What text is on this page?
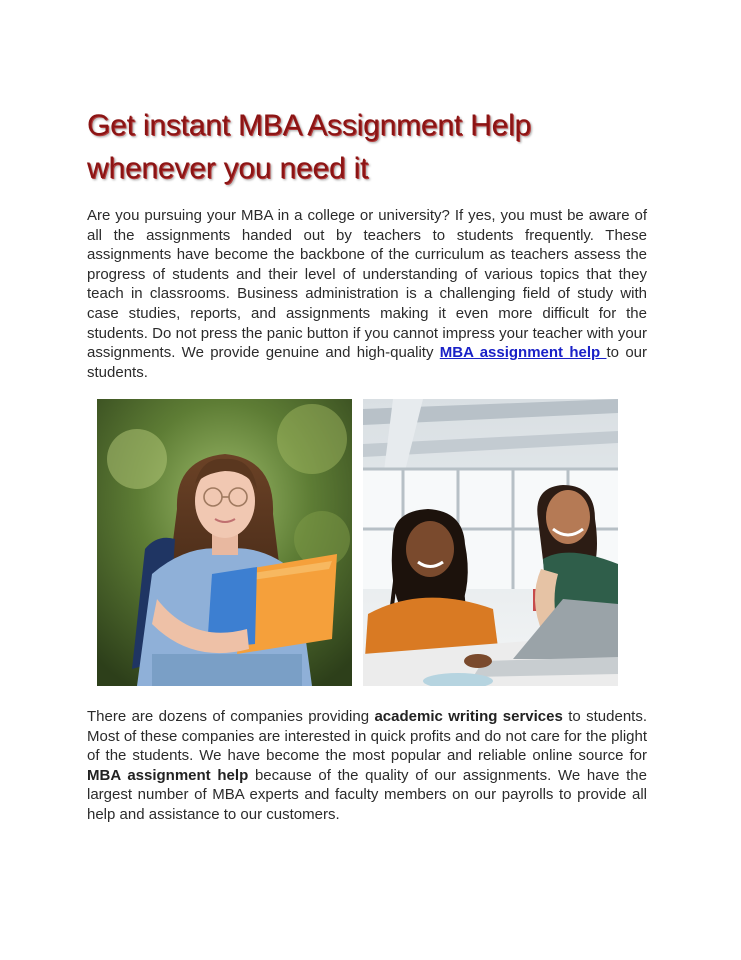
Get instant MBA Assignment Help
whenever you need it

Are you pursuing your MBA in a college or university? If yes, you must be aware of all the assignments handed out by teachers to students frequently. These assignments have become the backbone of the curriculum as teachers assess the progress of students and their level of understanding of various topics that they teach in classrooms. Business administration is a challenging field of study with case studies, reports, and assignments making it even more difficult for the students. Do not press the panic button if you cannot impress your teacher with your assignments. We provide genuine and high-quality MBA assignment help to our students.

There are dozens of companies providing academic writing services to students. Most of these companies are interested in quick profits and do not care for the plight of the students. We have become the most popular and reliable online source for MBA assignment help because of the quality of our assignments. We have the largest number of MBA experts and faculty members on our payrolls to provide all help and assistance to our customers.
